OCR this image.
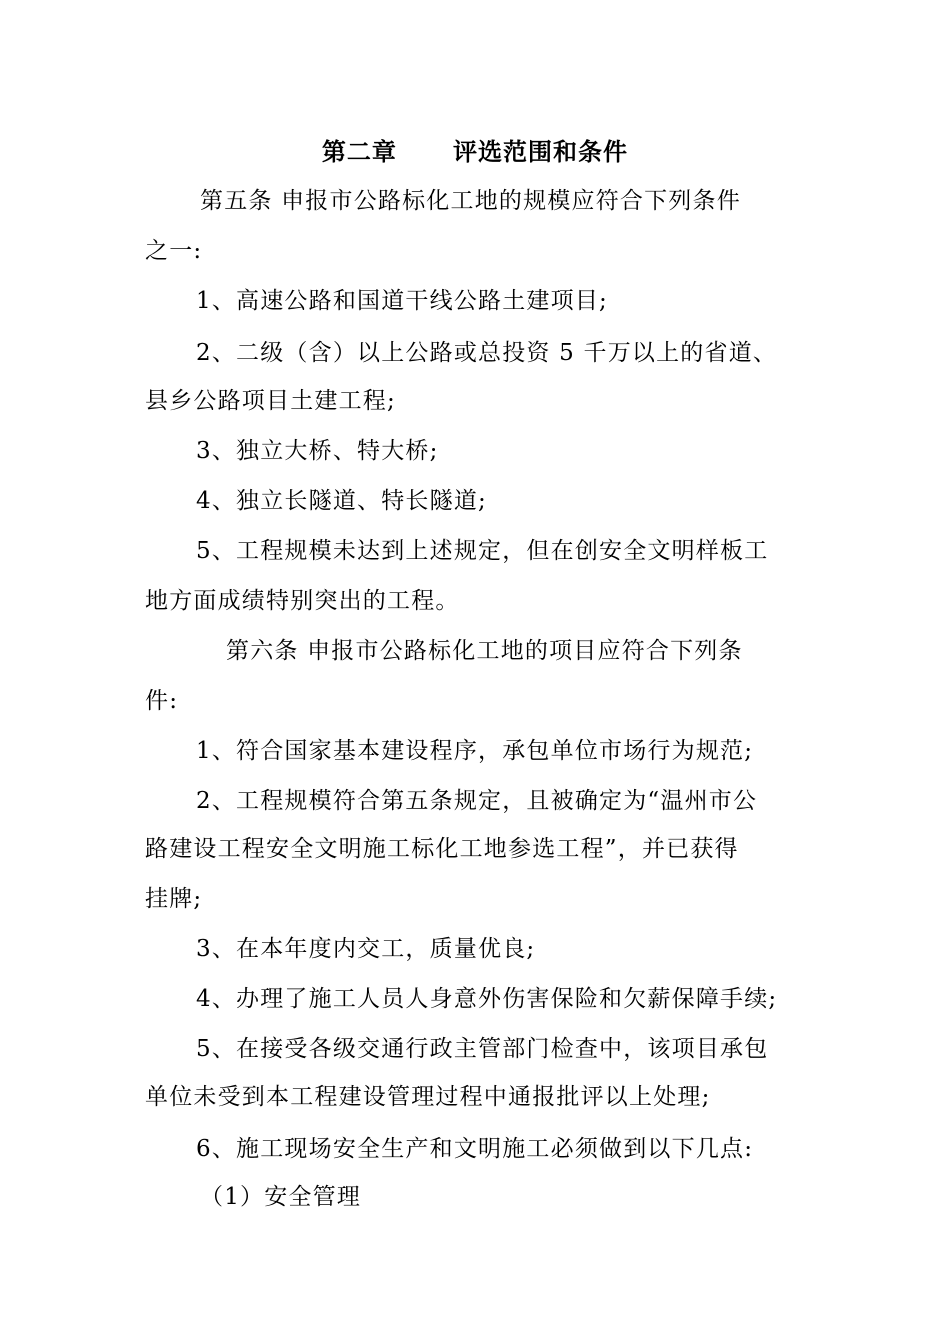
第二章      评选范围和条件
第五条 申报市公路标化工地的规模应符合下列条件
之一:
1、高速公路和国道干线公路土建项目;
2、二级（含）以上公路或总投资 5 千万以上的省道、
县乡公路项目土建工程;
3、独立大桥、特大桥;
4、独立长隧道、特长隧道;
5、工程规模未达到上述规定，但在创安全文明样板工
地方面成绩特别突出的工程。
第六条 申报市公路标化工地的项目应符合下列条
件:
1、符合国家基本建设程序，承包单位市场行为规范;
2、工程规模符合第五条规定，且被确定为“温州市公
路建设工程安全文明施工标化工地参选工程”，并已获得
挂牌;
3、在本年度内交工，质量优良;
4、办理了施工人员人身意外伤害保险和欠薪保障手续;
5、在接受各级交通行政主管部门检查中，该项目承包
单位未受到本工程建设管理过程中通报批评以上处理;
6、施工现场安全生产和文明施工必须做到以下几点:
（1）安全管理
